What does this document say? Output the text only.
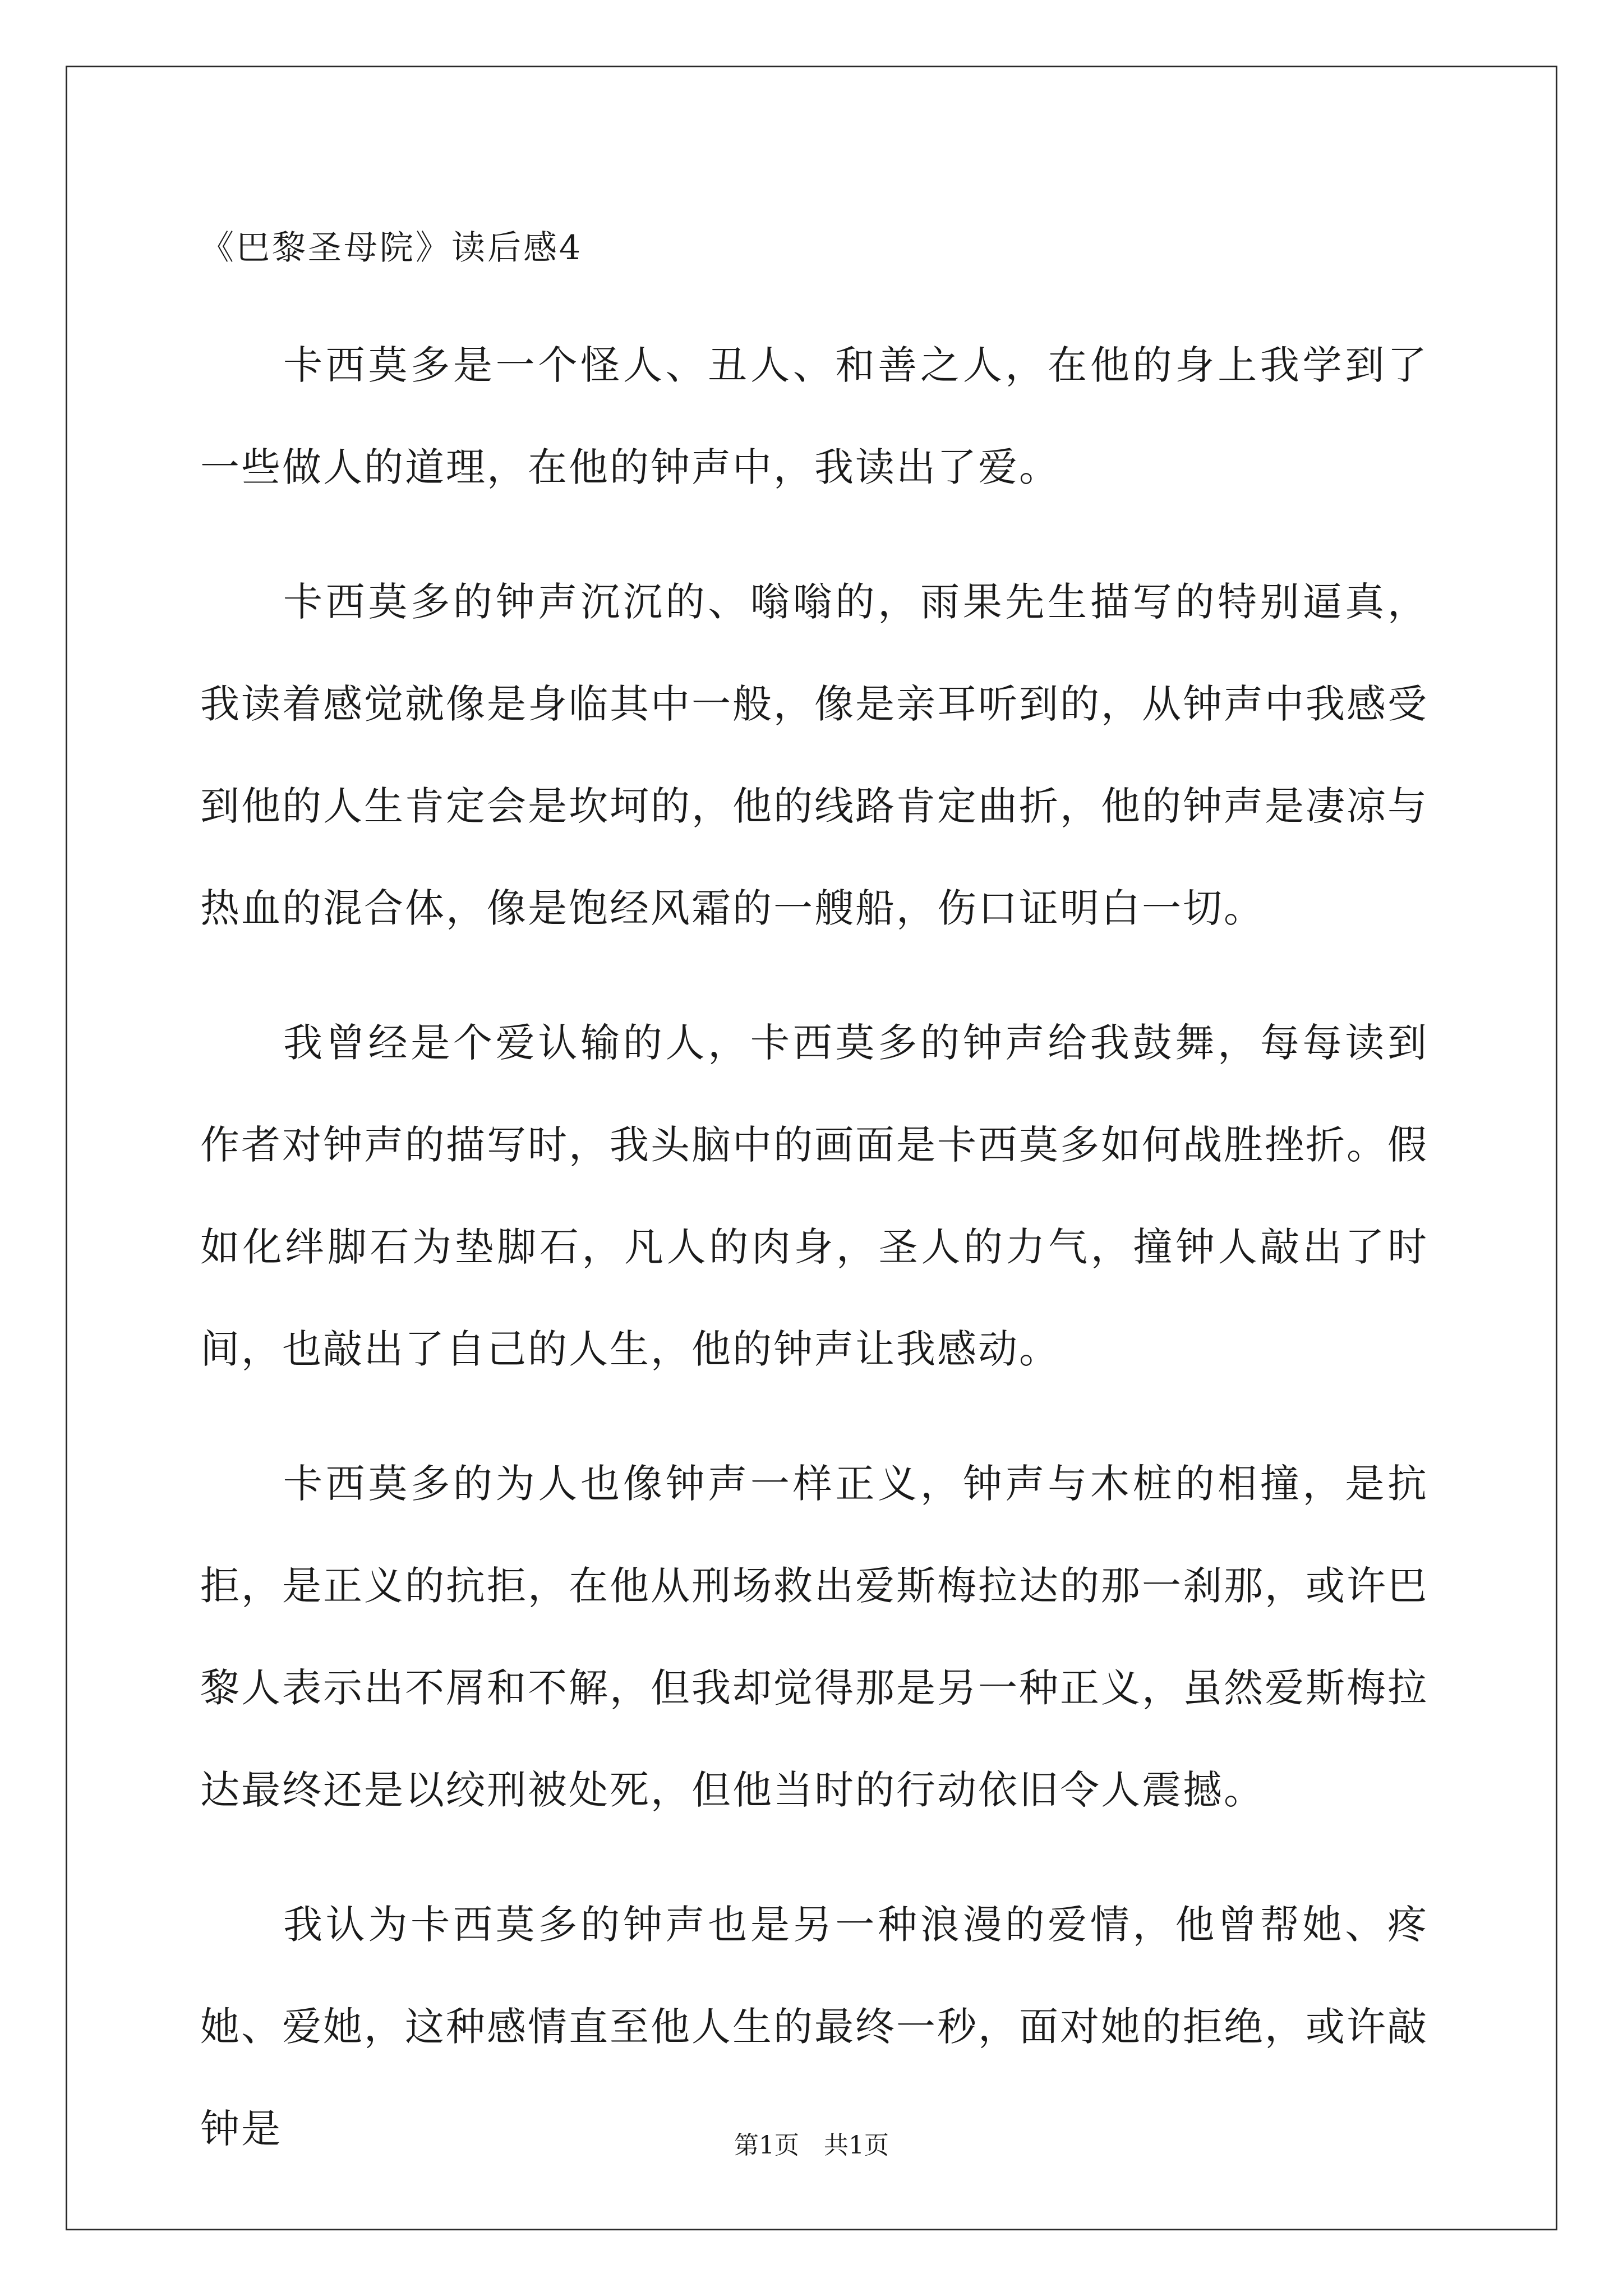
《巴黎圣母院》读后感4

卡西莫多是一个怪人、丑人、和善之人，在他的身上我学到了一些做人的道理，在他的钟声中，我读出了爱。

卡西莫多的钟声沉沉的、嗡嗡的，雨果先生描写的特别逼真，我读着感觉就像是身临其中一般，像是亲耳听到的，从钟声中我感受到他的人生肯定会是坎坷的，他的线路肯定曲折，他的钟声是凄凉与热血的混合体，像是饱经风霜的一艘船，伤口证明白一切。

我曾经是个爱认输的人，卡西莫多的钟声给我鼓舞，每每读到作者对钟声的描写时，我头脑中的画面是卡西莫多如何战胜挫折。假如化绊脚石为垫脚石，凡人的肉身，圣人的力气，撞钟人敲出了时间，也敲出了自己的人生，他的钟声让我感动。

卡西莫多的为人也像钟声一样正义，钟声与木桩的相撞，是抗拒，是正义的抗拒，在他从刑场救出爱斯梅拉达的那一刹那，或许巴黎人表示出不屑和不解，但我却觉得那是另一种正义，虽然爱斯梅拉达最终还是以绞刑被处死，但他当时的行动依旧令人震撼。

我认为卡西莫多的钟声也是另一种浪漫的爱情，他曾帮她、疼她、爱她，这种感情直至他人生的最终一秒，面对她的拒绝，或许敲钟是	第1页 共1页
